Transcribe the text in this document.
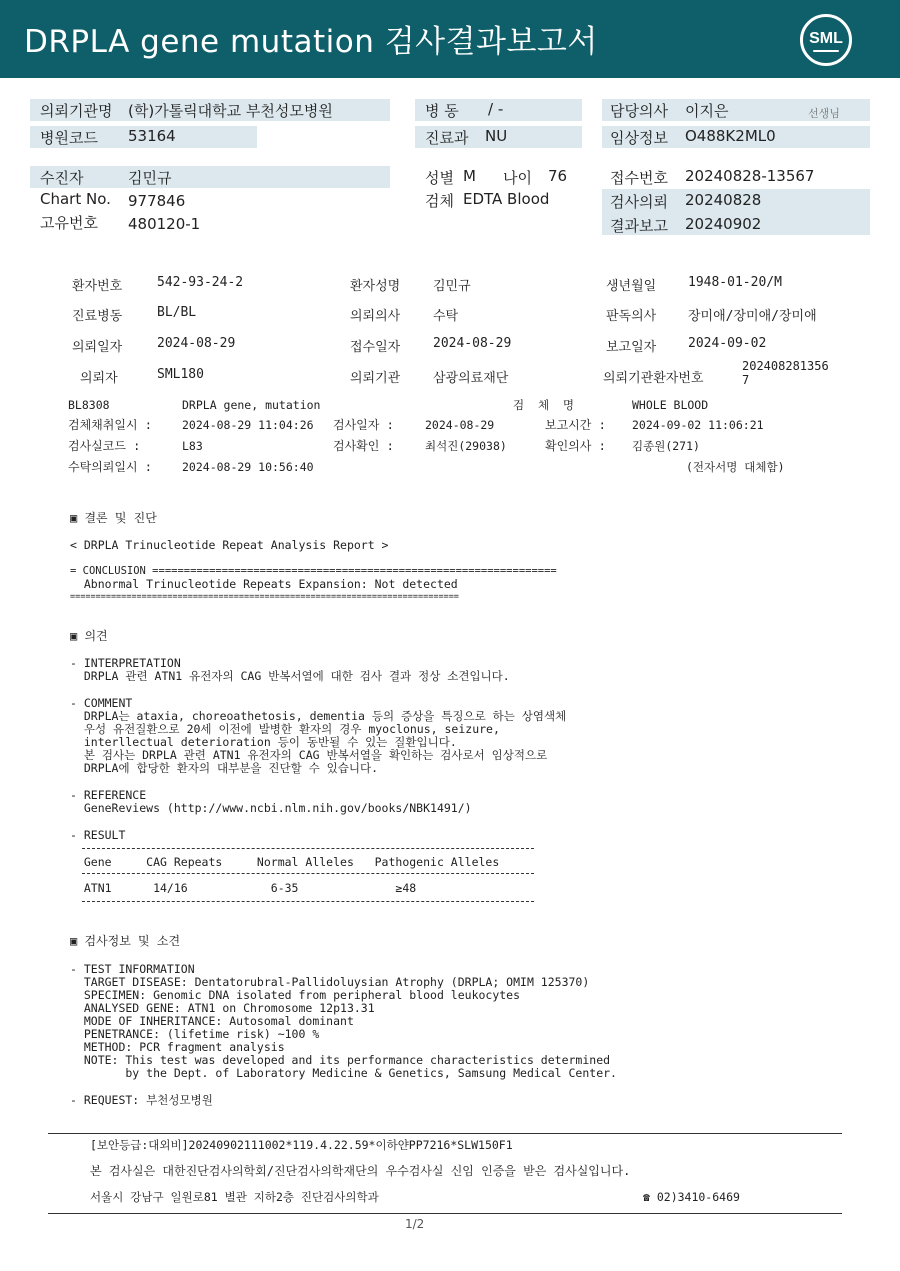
DRPLA gene mutation 검사결과보고서	SML
의뢰기관명 (학)가톨릭대학교 부천성모병원
병원코드 53164
병 동 / -
진료과 NU
담당의사 이지은	선생님
임상정보 O488K2ML0
수진자	김민규
Chart No. 977846
고유번호 480120-1
성별 M 나이 76
검체 EDTA Blood
접수번호 20240828-13567
검사의뢰 20240828
결과보고 20240902
환자번호	542-93-24-2	환자성명	김민규	생년월일 1948-01-20/M
진료병동	BL/BL	의뢰의사	수탁	판독의사 장미애/장미애/장미애
의뢰일자	2024-08-29	접수일자	2024-08-29	보고일자 2024-09-02
의뢰자	SML180	의뢰기관	삼광의료재단	의뢰기관환자번호
202408281356
7
BL8308	DRPLA gene, mutation	검  체  명	WHOLE BLOOD
검체채취일시 :	2024-08-29 11:04:26 검사일자 :	2024-08-29	보고시간 : 2024-09-02 11:06:21
검사실코드 :	L83	검사확인 :	최석진(29038)	확인의사 : 김종원(271)
수탁의뢰일시 :	2024-08-29 10:56:40	(전자서명 대체함)
▣ 결론 및 진단
< DRPLA Trinucleotide Repeat Analysis Report >
= CONCLUSION ================================================================
Abnormal Trinucleotide Repeats Expansion: Not detected
============================================================================
▣ 의견
- INTERPRETATION
DRPLA 관련 ATN1 유전자의 CAG 반복서열에 대한 검사 결과 정상 소견입니다.
- COMMENT
DRPLA는 ataxia, choreoathetosis, dementia 등의 증상을 특징으로 하는 상염색체
우성 유전질환으로 20세 이전에 발병한 환자의 경우 myoclonus, seizure,
interllectual deterioration 등이 동반될 수 있는 질환입니다.
본 검사는 DRPLA 관련 ATN1 유전자의 CAG 반복서열을 확인하는 검사로서 임상적으로
DRPLA에 합당한 환자의 대부분을 진단할 수 있습니다.
- REFERENCE
GeneReviews (http://www.ncbi.nlm.nih.gov/books/NBK1491/)
- RESULT
Gene     CAG Repeats     Normal Alleles   Pathogenic Alleles
ATN1      14/16            6-35              ≥48
▣ 검사정보 및 소견
- TEST INFORMATION
TARGET DISEASE: Dentatorubral-Pallidoluysian Atrophy (DRPLA; OMIM 125370)
SPECIMEN: Genomic DNA isolated from peripheral blood leukocytes
ANALYSED GENE: ATN1 on Chromosome 12p13.31
MODE OF INHERITANCE: Autosomal dominant
PENETRANCE: (lifetime risk) ~100 %
METHOD: PCR fragment analysis
NOTE: This test was developed and its performance characteristics determined
by the Dept. of Laboratory Medicine & Genetics, Samsung Medical Center.
- REQUEST: 부천성모병원
[보안등급:대외비]20240902111002*119.4.22.59*이하얀PP7216*SLW150F1
본 검사실은 대한진단검사의학회/진단검사의학재단의 우수검사실 신임 인증을 받은 검사실입니다.
서울시 강남구 일원로81 별관 지하2층 진단검사의학과	☎ 02)3410-6469
1/2
